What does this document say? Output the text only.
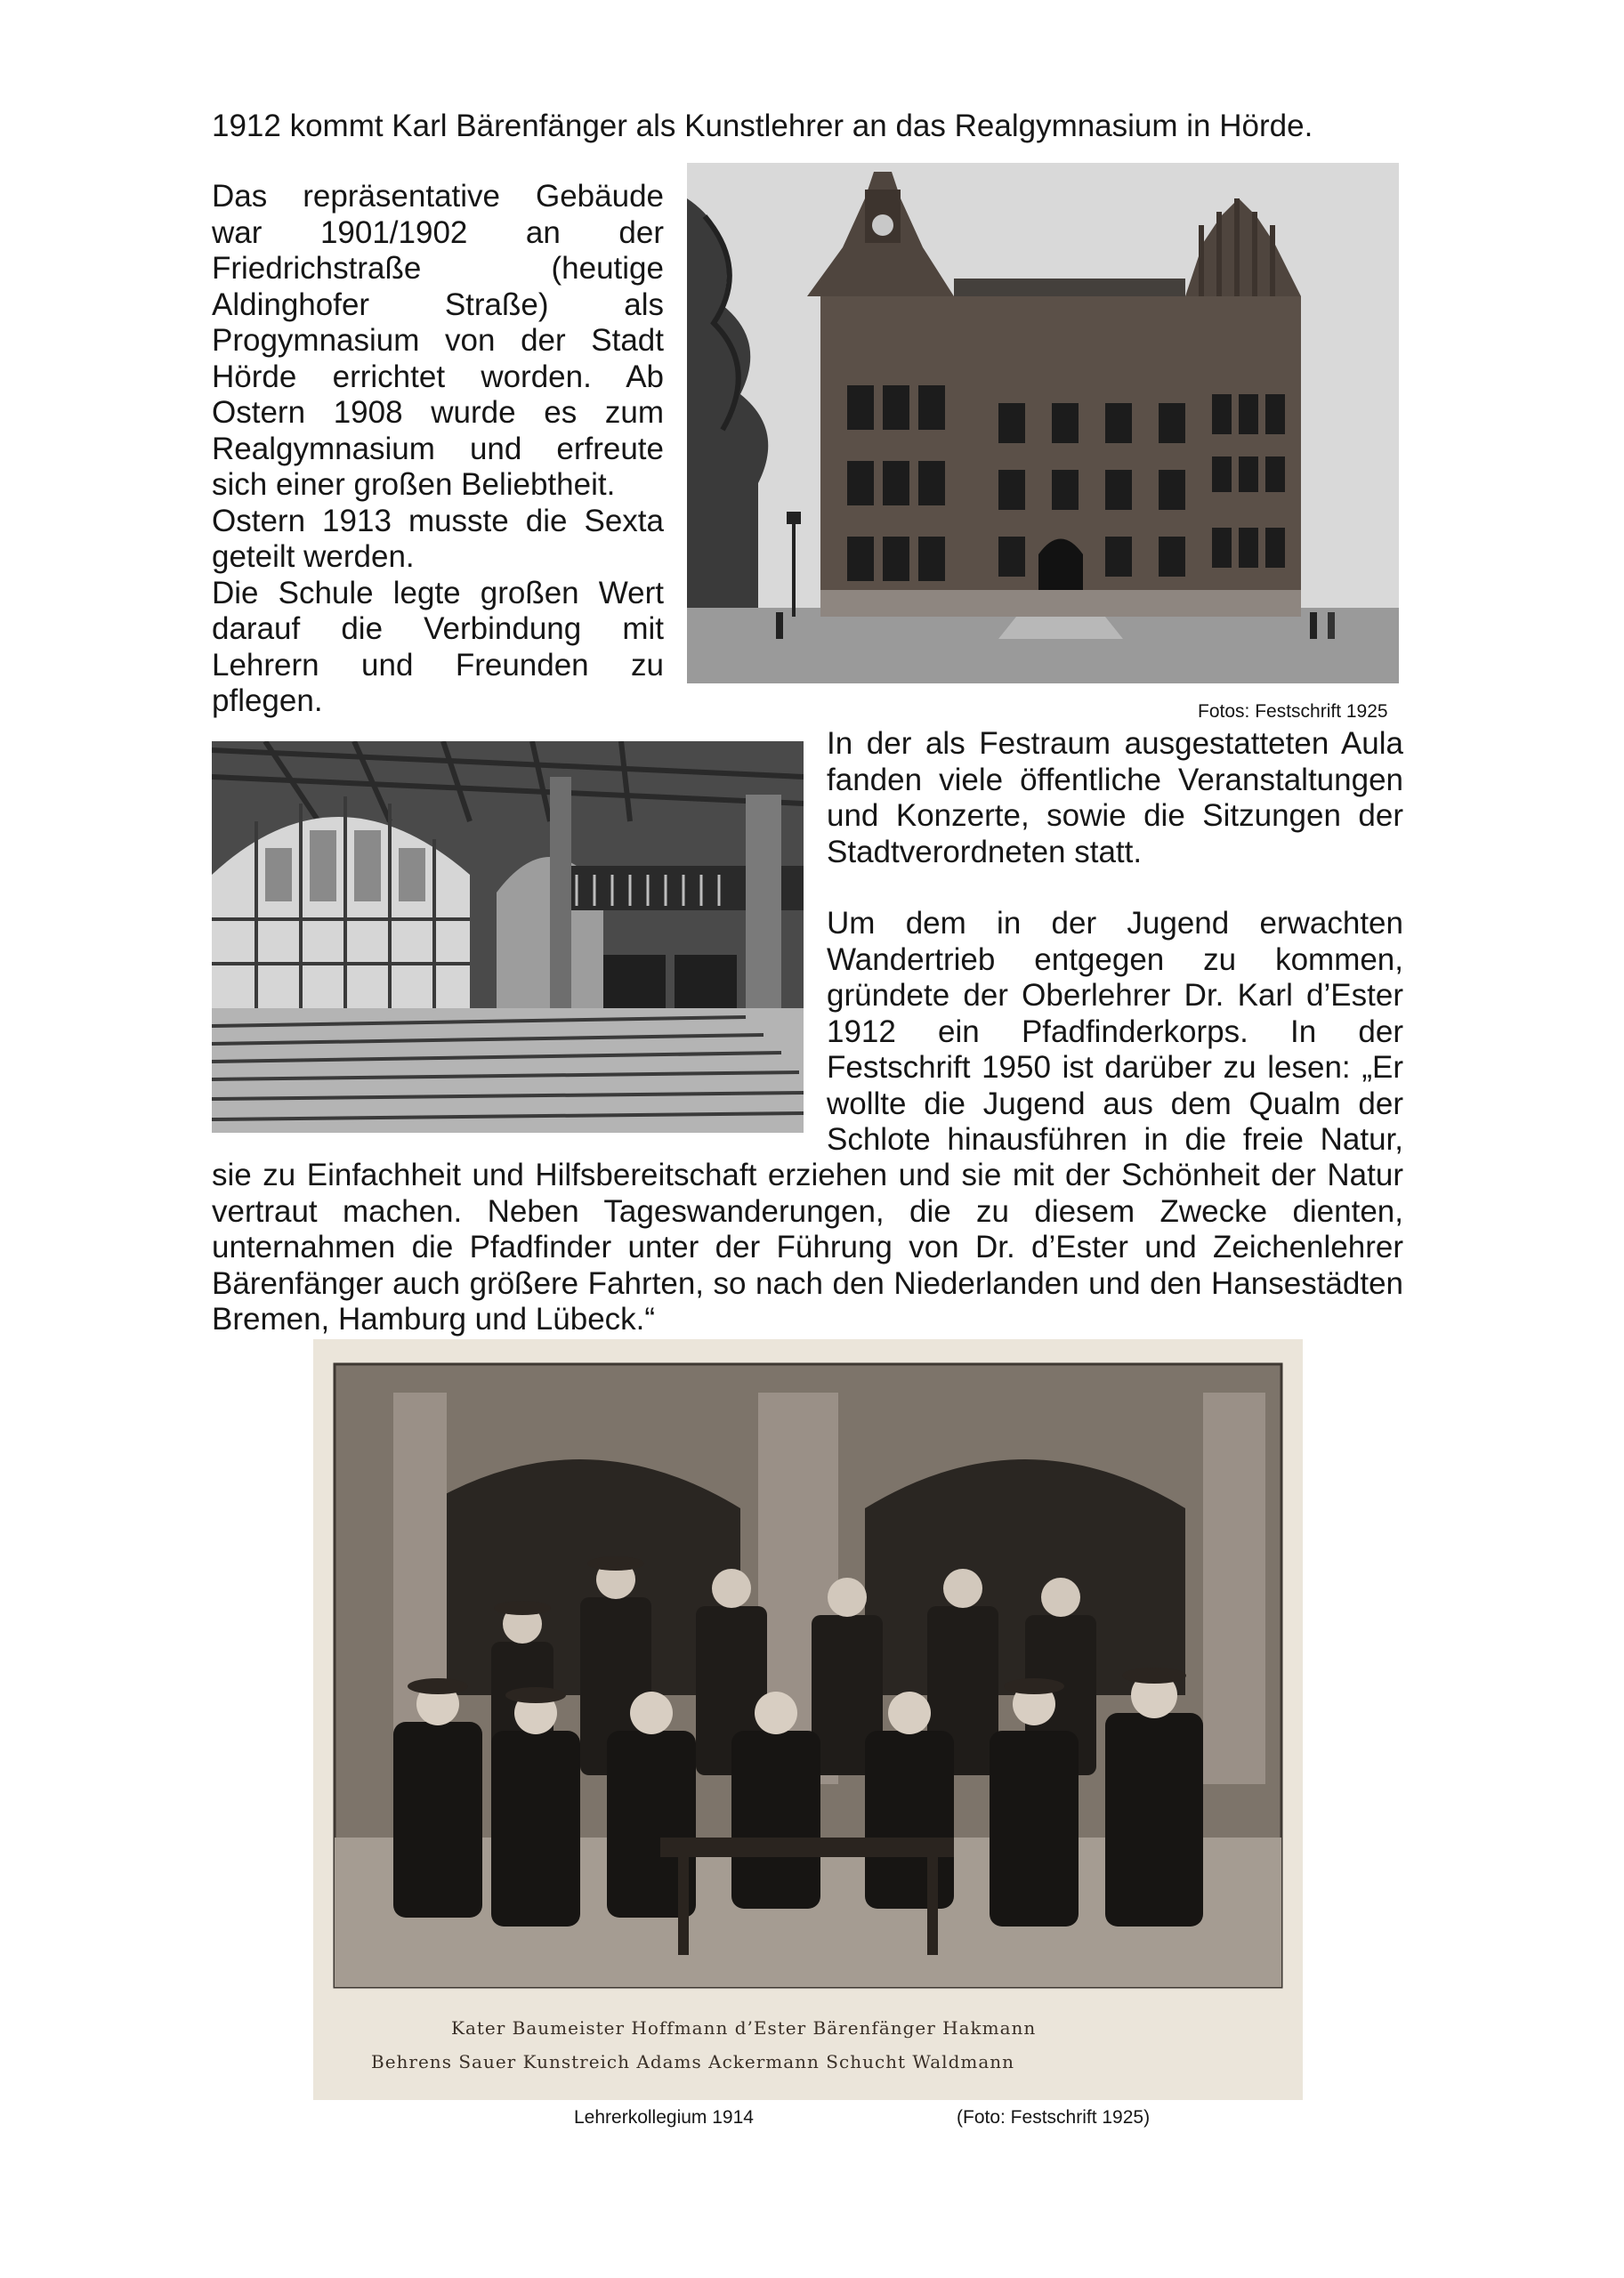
1912 kommt Karl Bärenfänger als Kunstlehrer an das Realgymnasium in Hörde.
Das repräsentative Gebäude
war 1901/1902 an der
Friedrichstraße (heutige
Aldinghofer Straße) als
Progymnasium von der Stadt
Hörde errichtet worden. Ab
Ostern 1908 wurde es zum
Realgymnasium und erfreute
sich einer großen Beliebtheit.
Ostern 1913 musste die Sexta
geteilt werden.
Die Schule legte großen Wert
darauf die Verbindung mit
Lehrern und Freunden zu
pflegen.	Fotos: Festschrift 1925
In der als Festraum ausgestatteten Aula
fanden viele öffentliche Veranstaltungen
und Konzerte, sowie die Sitzungen der
Stadtverordneten statt.
Um dem in der Jugend erwachten
Wandertrieb entgegen zu kommen,
gründete der Oberlehrer Dr. Karl d’Ester
1912 ein Pfadfinderkorps. In der
Festschrift 1950 ist darüber zu lesen: „Er
wollte die Jugend aus dem Qualm der
Schlote hinausführen in die freie Natur,
sie zu Einfachheit und Hilfsbereitschaft erziehen und sie mit der Schönheit der Natur
vertraut machen. Neben Tageswanderungen, die zu diesem Zwecke dienten,
unternahmen die Pfadfinder unter der Führung von Dr. d’Ester und Zeichenlehrer
Bärenfänger auch größere Fahrten, so nach den Niederlanden und den Hansestädten
Bremen, Hamburg und Lübeck.“
Kater Baumeister Hoffmann d’Ester Bärenfänger Hakmann
Behrens Sauer Kunstreich Adams Ackermann Schucht Waldmann
Lehrerkollegium 1914	(Foto: Festschrift 1925)
